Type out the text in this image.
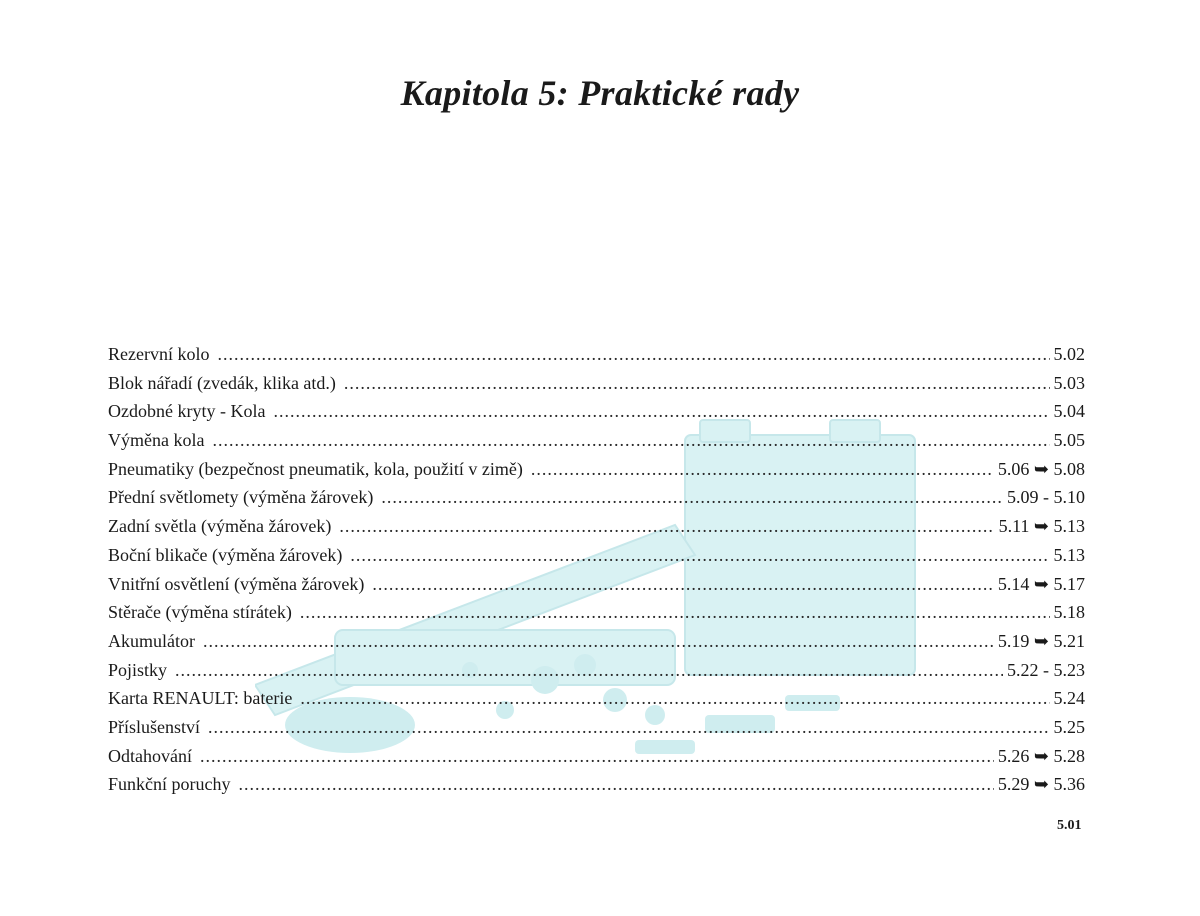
Kapitola 5: Praktické rady
Rezervní kolo .....	5.02
Blok nářadí (zvedák, klika atd.) .....	5.03
Ozdobné kryty - Kola .....	5.04
Výměna kola .....	5.05
Pneumatiky (bezpečnost pneumatik, kola, použití v zimě) .....	5.06 ➥ 5.08
Přední světlomety (výměna žárovek) .....	5.09 - 5.10
Zadní světla (výměna žárovek) .....	5.11 ➥ 5.13
Boční blikače (výměna žárovek) .....	5.13
Vnitřní osvětlení (výměna žárovek) .....	5.14 ➥ 5.17
Stěrače (výměna stírátek) .....	5.18
Akumulátor .....	5.19 ➥ 5.21
Pojistky .....	5.22 - 5.23
Karta RENAULT: baterie .....	5.24
Příslušenství .....	5.25
Odtahování .....	5.26 ➥ 5.28
Funkční poruchy .....	5.29 ➥ 5.36
5.01
